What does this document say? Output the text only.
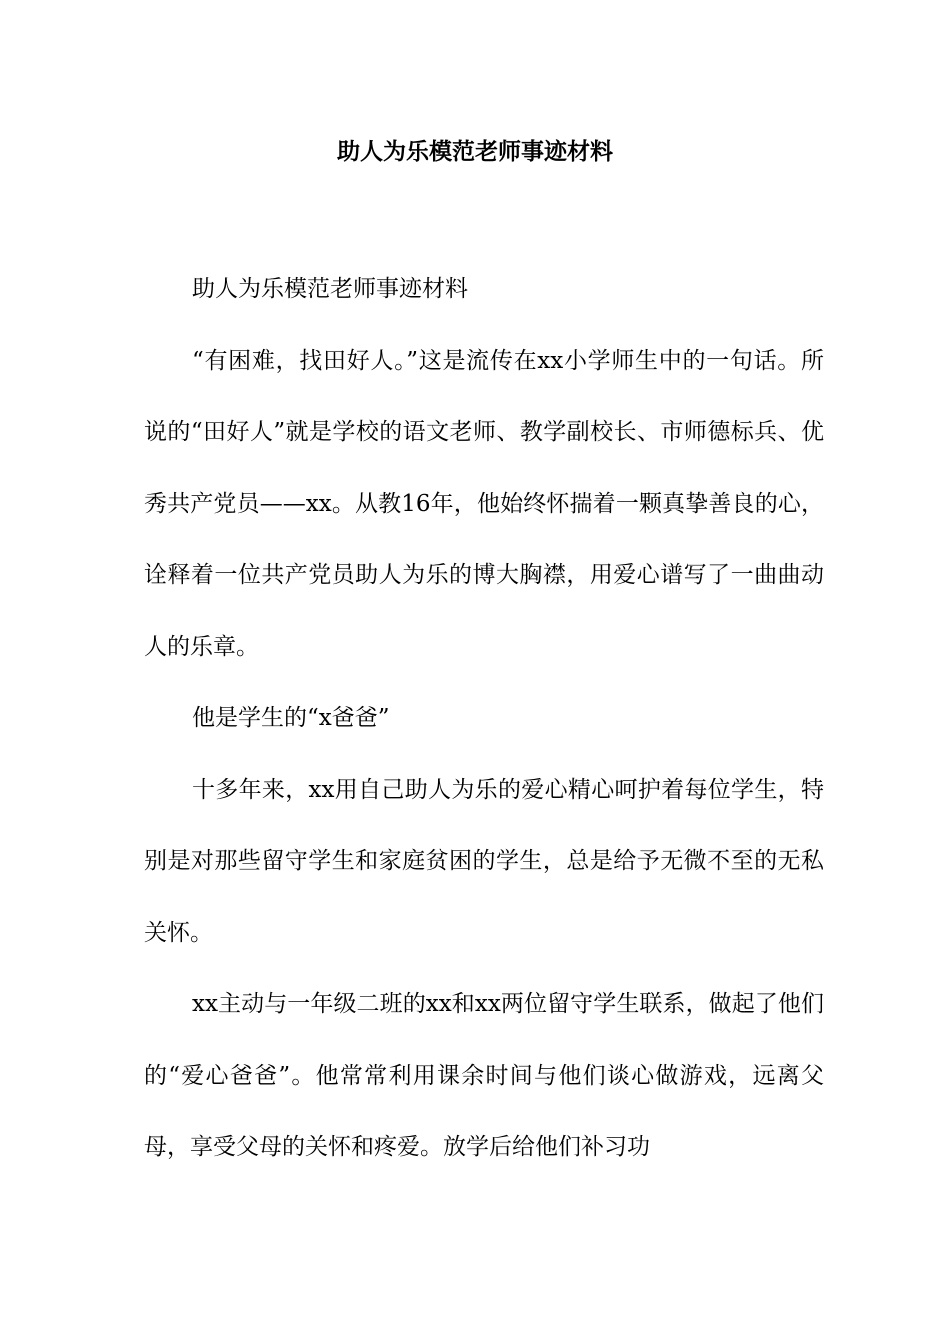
助人为乐模范老师事迹材料

助人为乐模范老师事迹材料

“有困难，找田好人。”这是流传在xx小学师生中的一句话。所说的“田好人”就是学校的语文老师、教学副校长、市师德标兵、优秀共产党员——xx。从教16年，他始终怀揣着一颗真挚善良的心，诠释着一位共产党员助人为乐的博大胸襟，用爱心谱写了一曲曲动人的乐章。

他是学生的“x爸爸”

十多年来，xx用自己助人为乐的爱心精心呵护着每位学生，特别是对那些留守学生和家庭贫困的学生，总是给予无微不至的无私关怀。

xx主动与一年级二班的xx和xx两位留守学生联系，做起了他们的“爱心爸爸”。他常常利用课余时间与他们谈心做游戏，远离父母，享受父母的关怀和疼爱。放学后给他们补习功
